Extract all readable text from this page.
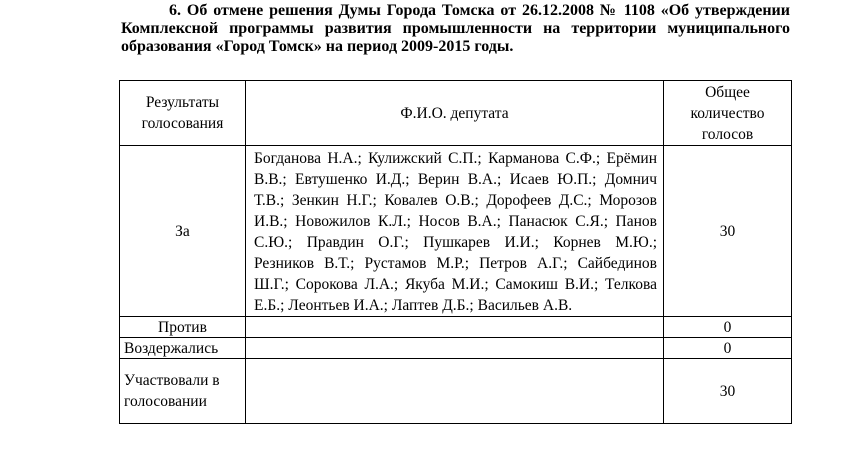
6. Об отмене решения Думы Города Томска от 26.12.2008 № 1108 «Об утверждении Комплексной программы развития промышленности на территории муниципального образования «Город Томск» на период 2009-2015 годы.
Результаты голосования	Ф.И.О. депутата	Общее количество голосов
За	Богданова Н.А.; Кулижский С.П.; Карманова С.Ф.; Ерёмин В.В.; Евтушенко И.Д.; Верин В.А.; Исаев Ю.П.; Домнич Т.В.; Зенкин Н.Г.; Ковалев О.В.; Дорофеев Д.С.; Морозов И.В.; Новожилов К.Л.; Носов В.А.; Панасюк С.Я.; Панов С.Ю.; Правдин О.Г.; Пушкарев И.И.; Корнев М.Ю.; Резников В.Т.; Рустамов М.Р.; Петров А.Г.; Сайбединов Ш.Г.; Сорокова Л.А.; Якуба М.И.; Самокиш В.И.; Телкова Е.Б.; Леонтьев И.А.; Лаптев Д.Б.; Васильев А.В.	30
Против		0
Воздержались		0
Участвовали в голосовании		30
